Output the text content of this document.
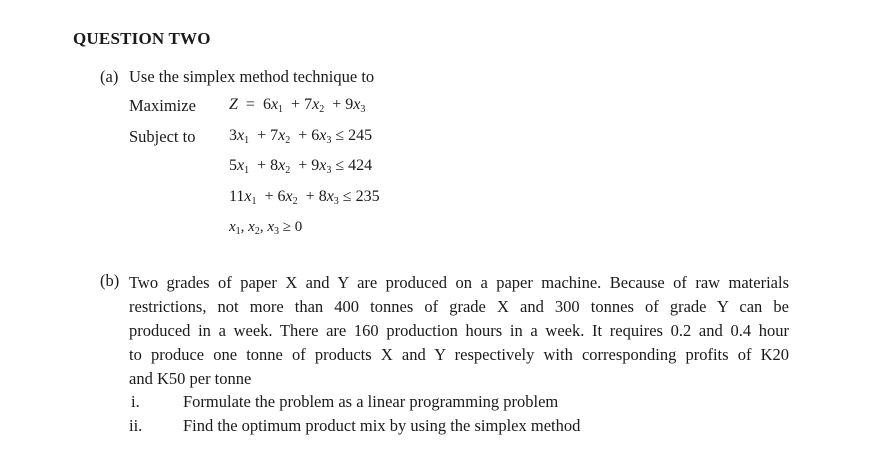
QUESTION TWO
(a) Use the simplex method technique to
Maximize $Z = 6x_1 + 7x_2 + 9x_3$
Subject to $3x_1 + 7x_2 + 6x_3 \le 245$
$5x_1 + 8x_2 + 9x_3 \le 424$
$11x_1 + 6x_2 + 8x_3 \le 235$
$x_1$, $x_2$, $x_3 \ge 0$
(b) Two grades of paper X and Y are produced on a paper machine. Because of raw materials
restrictions, not more than 400 tonnes of grade X and 300 tonnes of grade Y can be
produced in a week. There are 160 production hours in a week. It requires 0.2 and 0.4 hour
to produce one tonne of products X and Y respectively with corresponding profits of K20
and K50 per tonne
i.	Formulate the problem as a linear programming problem
ii. Find the optimum product mix by using the simplex method
